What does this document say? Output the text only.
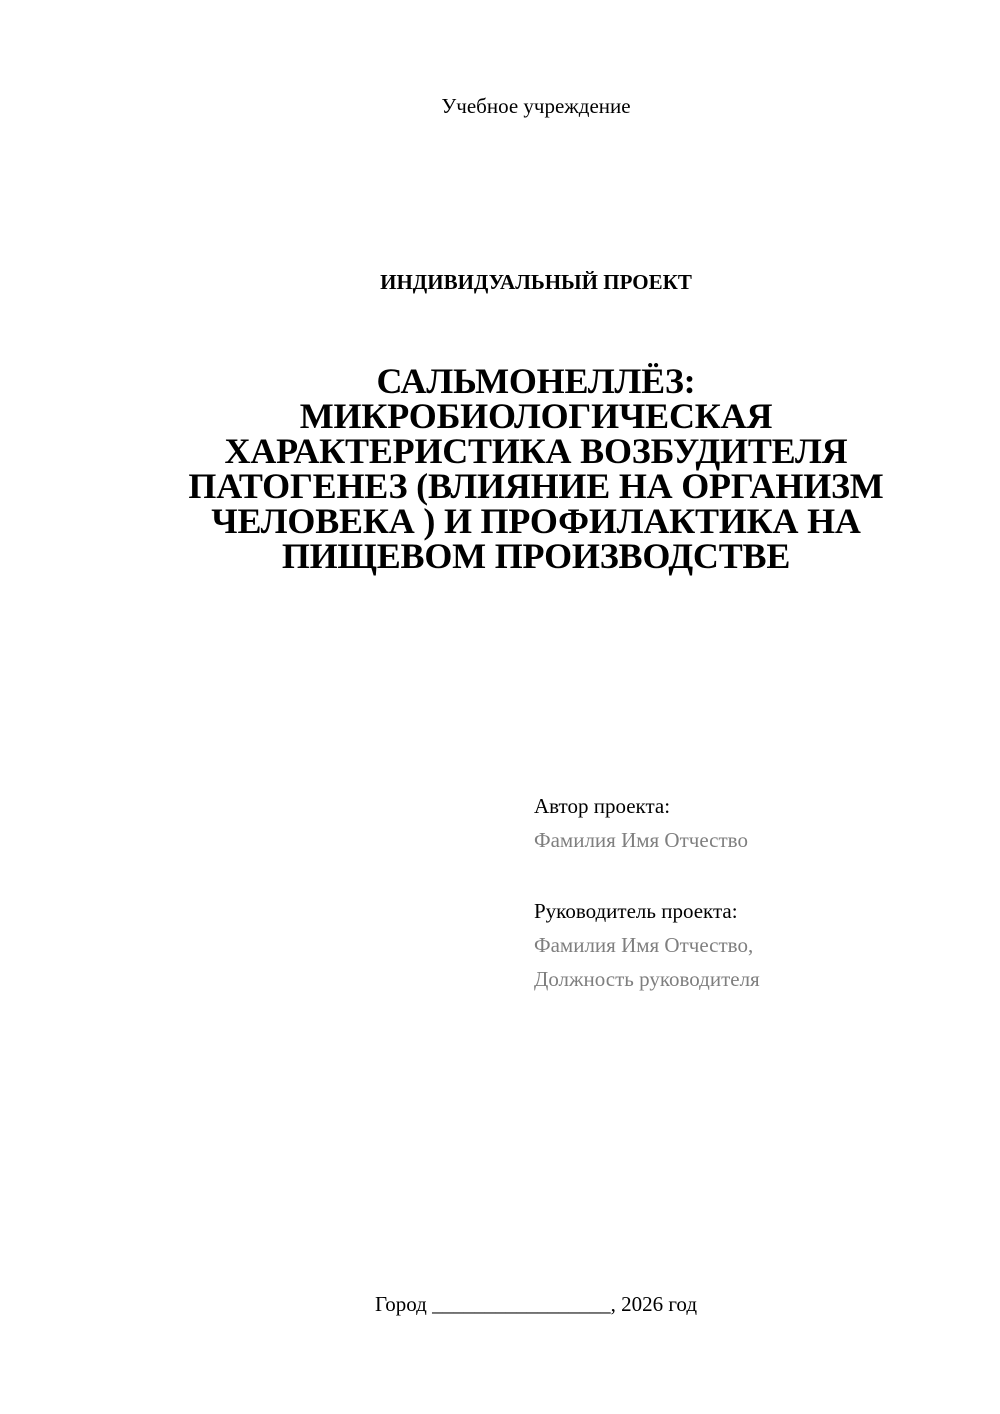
Учебное учреждение
ИНДИВИДУАЛЬНЫЙ ПРОЕКТ
САЛЬМОНЕЛЛЁЗ:
МИКРОБИОЛОГИЧЕСКАЯ
ХАРАКТЕРИСТИКА ВОЗБУДИТЕЛЯ
ПАТОГЕНЕЗ (ВЛИЯНИЕ НА ОРГАНИЗМ
ЧЕЛОВЕКА ) И ПРОФИЛАКТИКА НА
ПИЩЕВОМ ПРОИЗВОДСТВЕ
Автор проекта:
Фамилия Имя Отчество
Руководитель проекта:
Фамилия Имя Отчество,
Должность руководителя
Город _________________, 2026 год
